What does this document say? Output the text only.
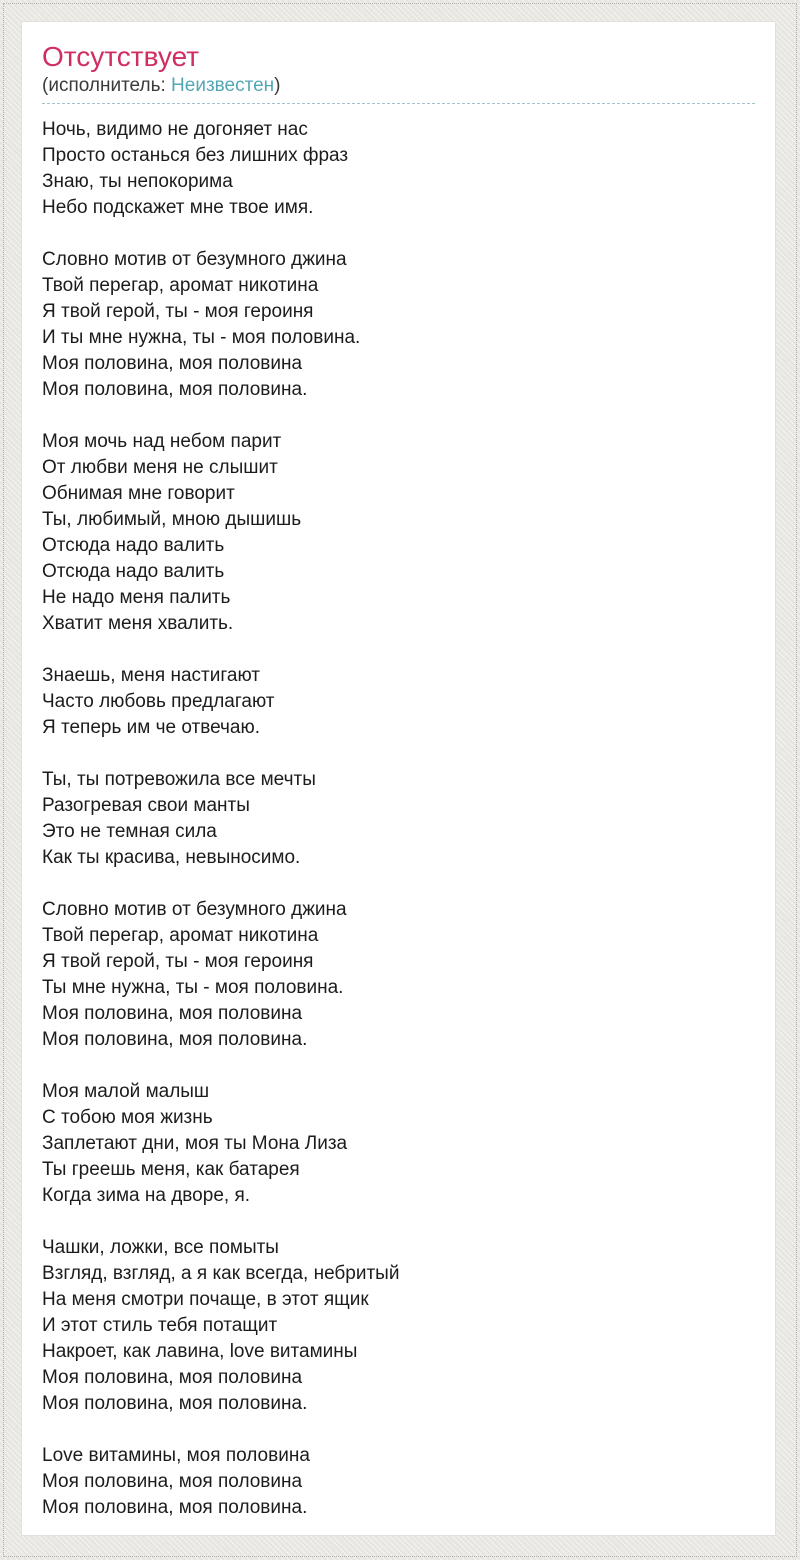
Отсутствует

(исполнитель: Неизвестен)

Ночь, видимо не догоняет нас
Просто останься без лишних фраз
Знаю, ты непокорима
Небо подскажет мне твое имя.
Словно мотив от безумного джина
Твой перегар, аромат никотина
Я твой герой, ты - моя героиня
И ты мне нужна, ты - моя половина.
Моя половина, моя половина
Моя половина, моя половина.
Моя мочь над небом парит
От любви меня не слышит
Обнимая мне говорит
Ты, любимый, мною дышишь
Отсюда надо валить
Отсюда надо валить
Не надо меня палить
Хватит меня хвалить.
Знаешь, меня настигают
Часто любовь предлагают
Я теперь им че отвечаю.
Ты, ты потревожила все мечты
Разогревая свои манты
Это не темная сила
Как ты красива, невыносимо.
Словно мотив от безумного джина
Твой перегар, аромат никотина
Я твой герой, ты - моя героиня
Ты мне нужна, ты - моя половина.
Моя половина, моя половина
Моя половина, моя половина.
Моя малой малыш
С тобою моя жизнь
Заплетают дни, моя ты Мона Лиза
Ты греешь меня, как батарея
Когда зима на дворе, я.
Чашки, ложки, все помыты
Взгляд, взгляд, а я как всегда, небритый
На меня смотри почаще, в этот ящик
И этот стиль тебя потащит
Накроет, как лавина, love витамины
Моя половина, моя половина
Моя половина, моя половина.
Love витамины, моя половина
Моя половина, моя половина
Моя половина, моя половина.
